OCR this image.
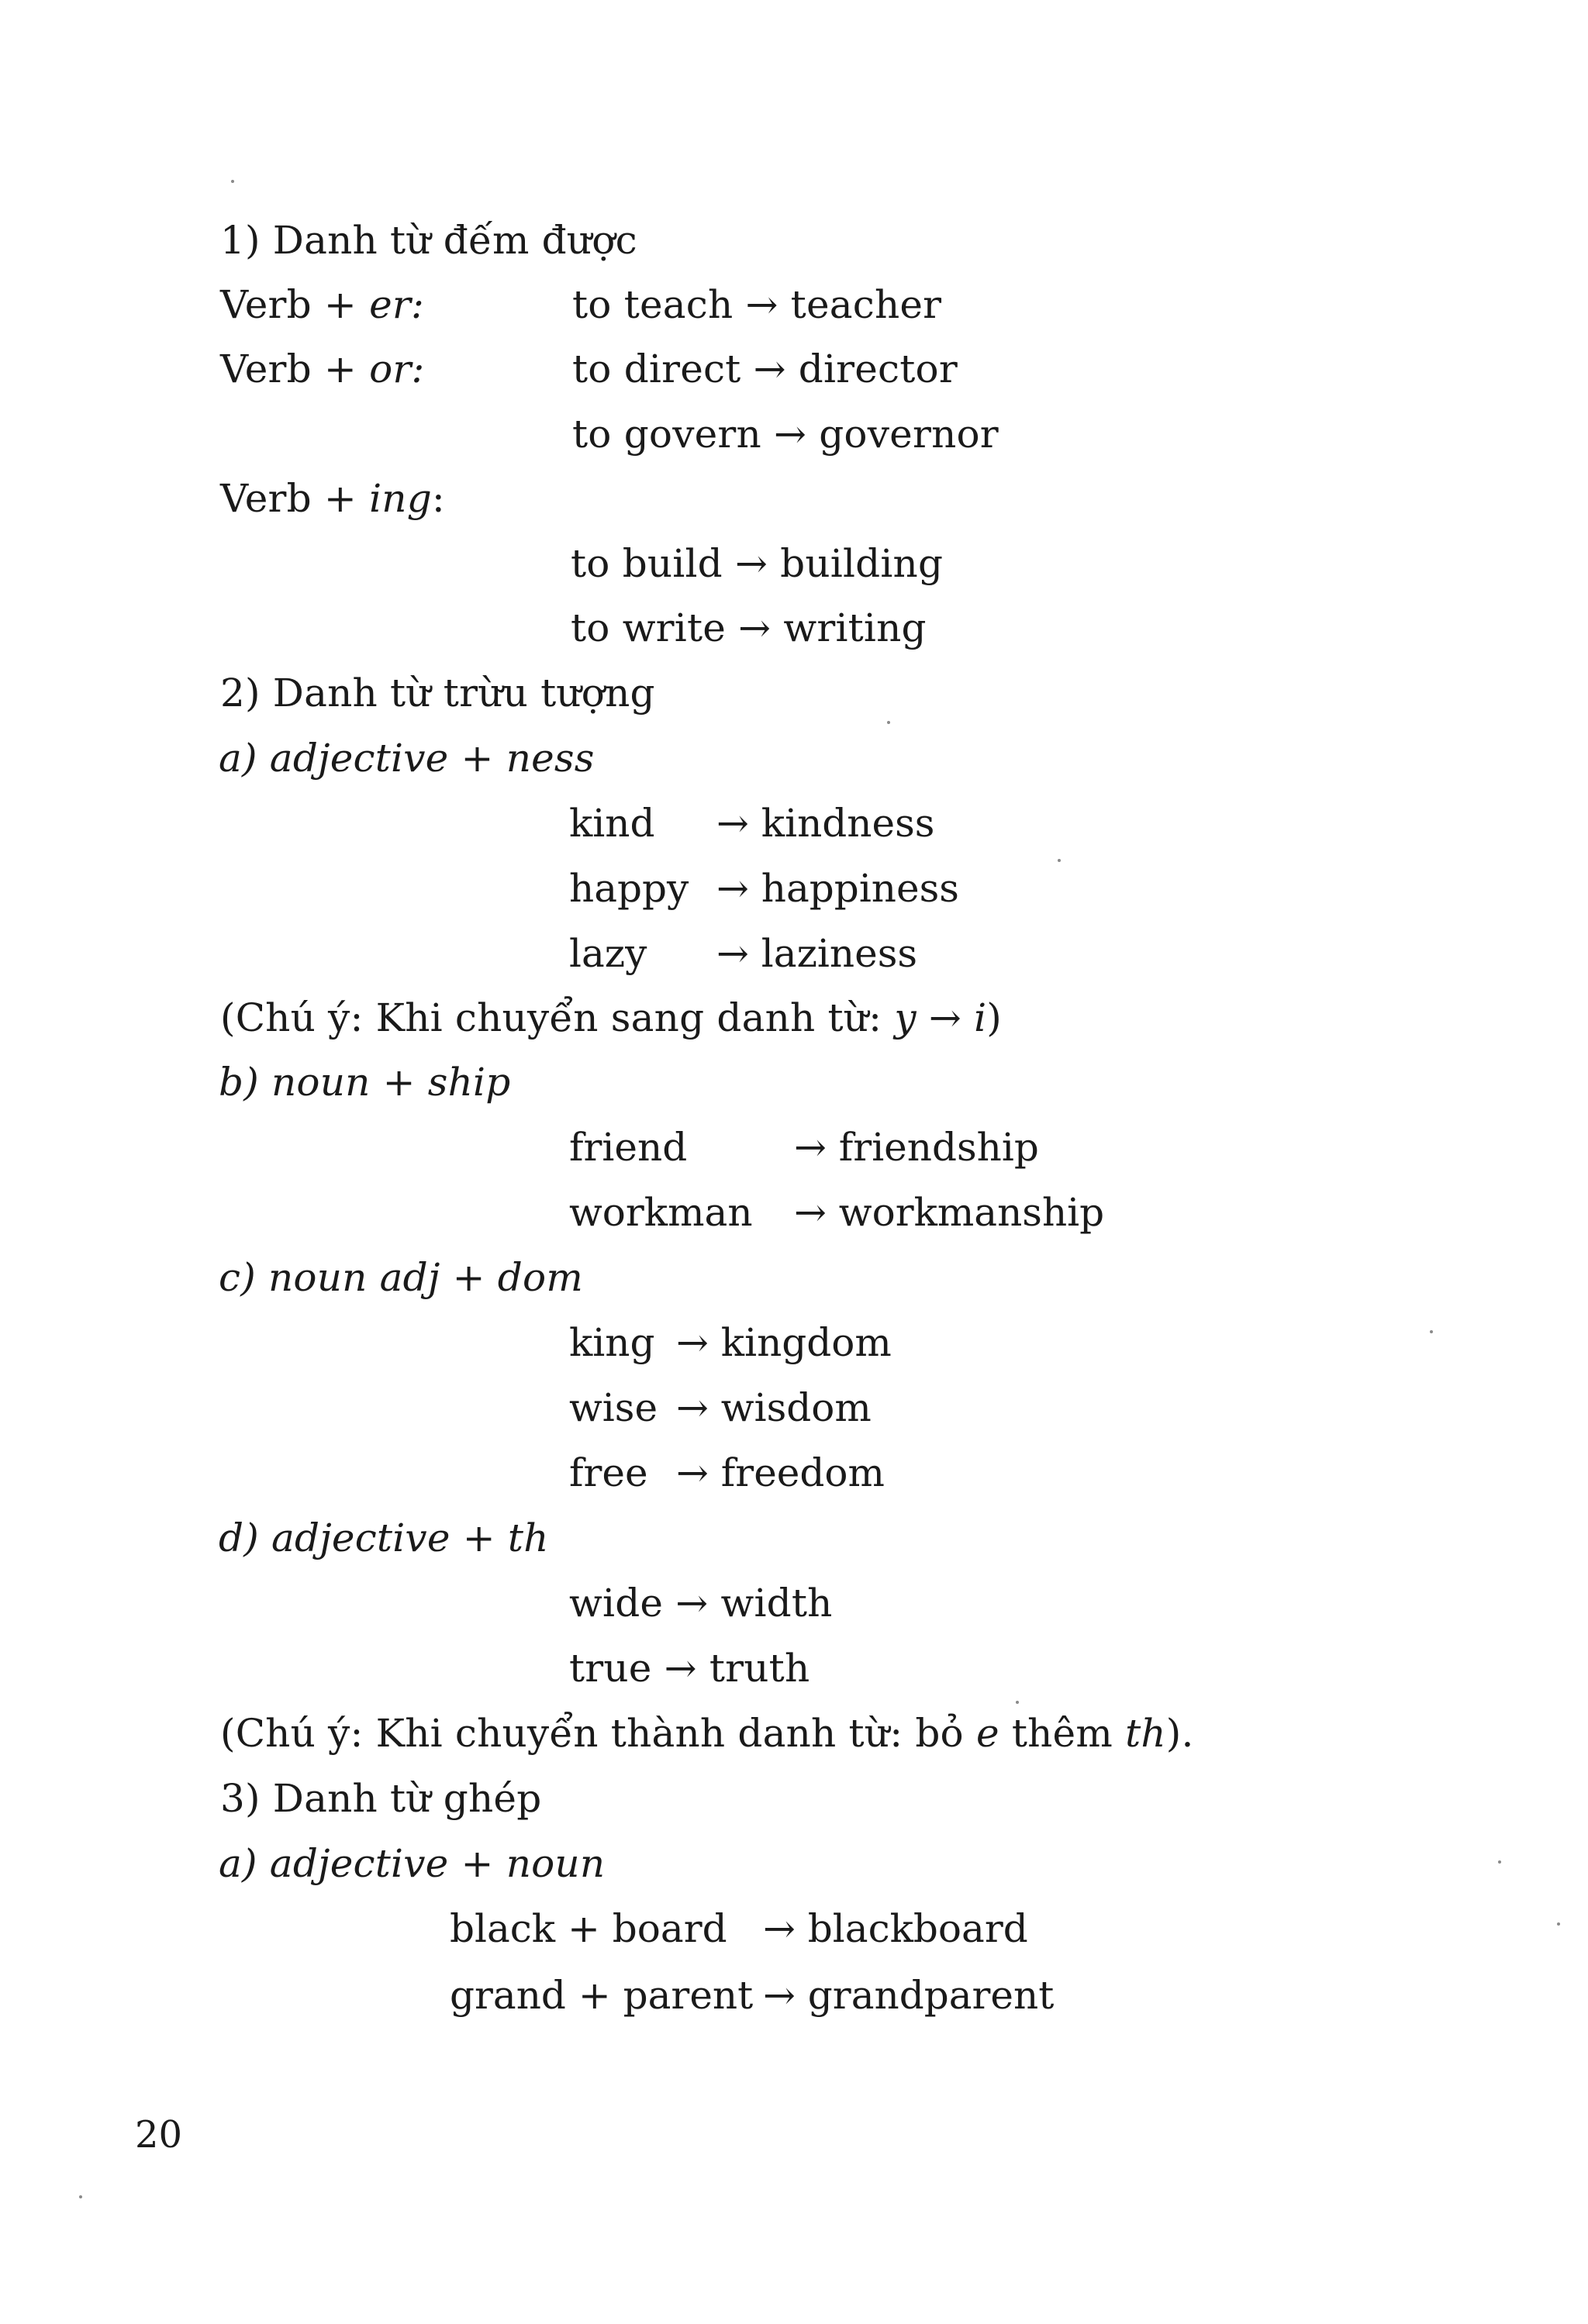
1) Danh từ đếm được
Verb + er:	to teach → teacher
Verb + or:	to direct → director
to govern → governor
Verb + ing:
to build → building
to write → writing
2) Danh từ trừu tượng
a) adjective + ness
kind → kindness
happy → happiness
lazy → laziness
(Chú ý: Khi chuyển sang danh từ: y → i)
b) noun + ship
friend	→ friendship
workman → workmanship
c) noun adj + dom
king → kingdom
wise → wisdom
free → freedom
d) adjective + th
wide → width
true → truth
(Chú ý: Khi chuyển thành danh từ: bỏ e thêm th).
3) Danh từ ghép
a) adjective + noun
black + board → blackboard
grand + parent → grandparent
20
